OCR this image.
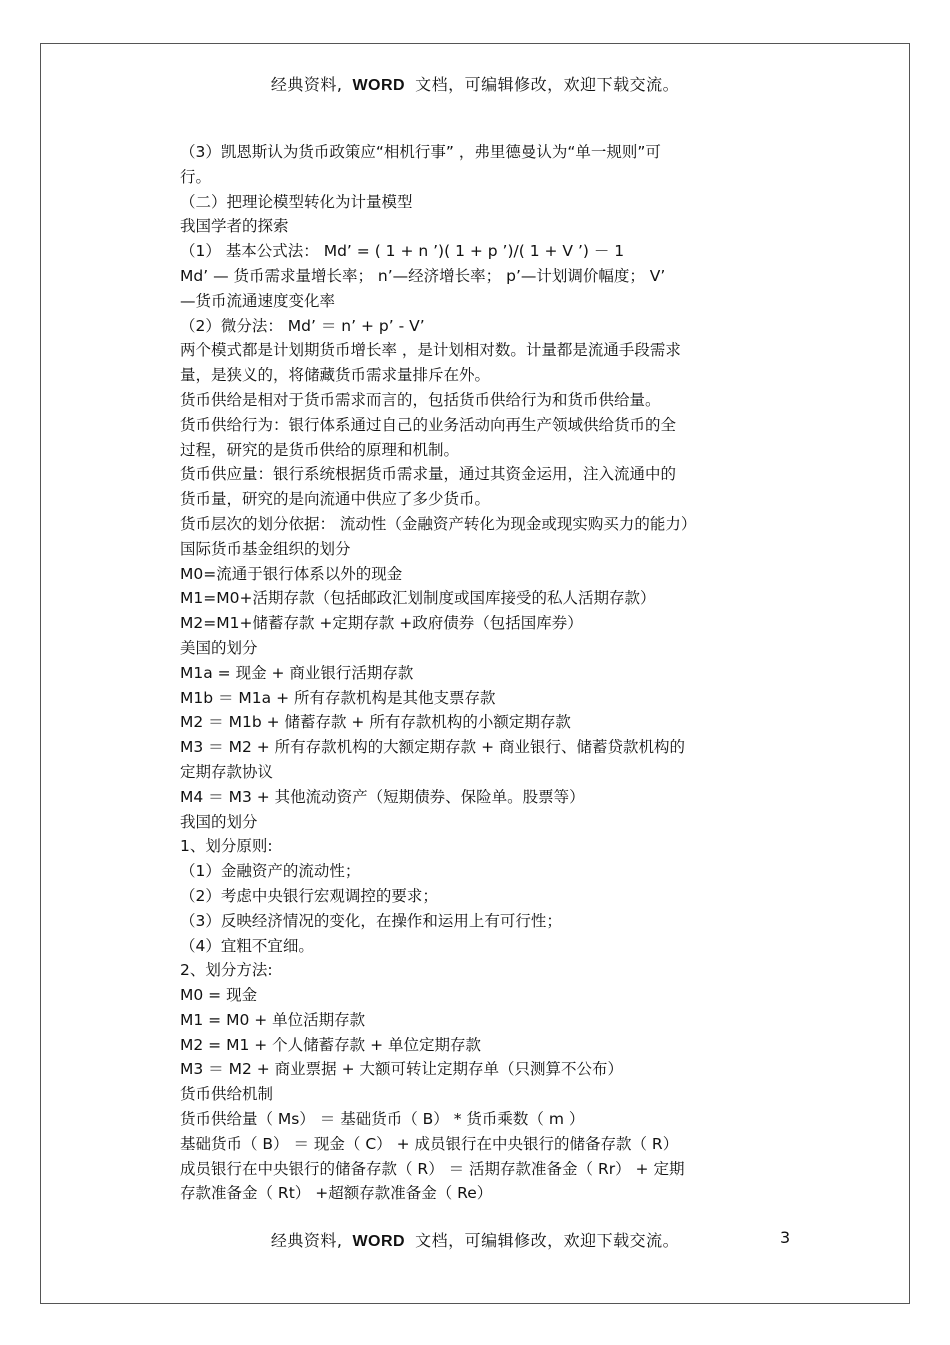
经典资料, WORD 文档，可编辑修改，欢迎下载交流。

（3）凯恩斯认为货币政策应“相机行事” ，弗里德曼认为“单一规则”可

行。

（二）把理论模型转化为计量模型

我国学者的探索

（1） 基本公式法： Md’ = ( 1 + n ’)( 1 + p ’)/( 1 + V ’) － 1

Md’ — 货币需求量增长率； n’—经济增长率； p’—计划调价幅度； V’

—货币流通速度变化率

（2）微分法： Md’ ＝ n’ + p’ - V’

两个模式都是计划期货币增长率 ，是计划相对数。计量都是流通手段需求

量，是狭义的，将储藏货币需求量排斥在外。

货币供给是相对于货币需求而言的，包括货币供给行为和货币供给量。

货币供给行为：银行体系通过自己的业务活动向再生产领域供给货币的全

过程，研究的是货币供给的原理和机制。

货币供应量：银行系统根据货币需求量，通过其资金运用，注入流通中的

货币量，研究的是向流通中供应了多少货币。

货币层次的划分依据： 流动性（金融资产转化为现金或现实购买力的能力）

国际货币基金组织的划分

M0=流通于银行体系以外的现金

M1=M0+活期存款（包括邮政汇划制度或国库接受的私人活期存款）

M2=M1+储蓄存款 +定期存款 +政府债券（包括国库券）

美国的划分

M1a = 现金 + 商业银行活期存款

M1b ＝ M1a + 所有存款机构是其他支票存款

M2 ＝ M1b + 储蓄存款 + 所有存款机构的小额定期存款

M3 ＝ M2 + 所有存款机构的大额定期存款 + 商业银行、储蓄贷款机构的

定期存款协议

M4 ＝ M3 + 其他流动资产（短期债券、保险单。股票等）

我国的划分

1、划分原则:

（1）金融资产的流动性；

（2）考虑中央银行宏观调控的要求；

（3）反映经济情况的变化，在操作和运用上有可行性；

（4）宜粗不宜细。

2、划分方法:

M0 = 现金

M1 = M0 + 单位活期存款

M2 = M1 + 个人储蓄存款 + 单位定期存款

M3 ＝ M2 + 商业票据 + 大额可转让定期存单（只测算不公布）

货币供给机制

货币供给量（ Ms） ＝ 基础货币（ B） * 货币乘数（ m ）

基础货币（ B） ＝ 现金（ C） + 成员银行在中央银行的储备存款（ R）

成员银行在中央银行的储备存款（ R） ＝ 活期存款准备金（ Rr） + 定期

存款准备金（ Rt） +超额存款准备金（ Re）

经典资料, WORD 文档，可编辑修改，欢迎下载交流。	3
